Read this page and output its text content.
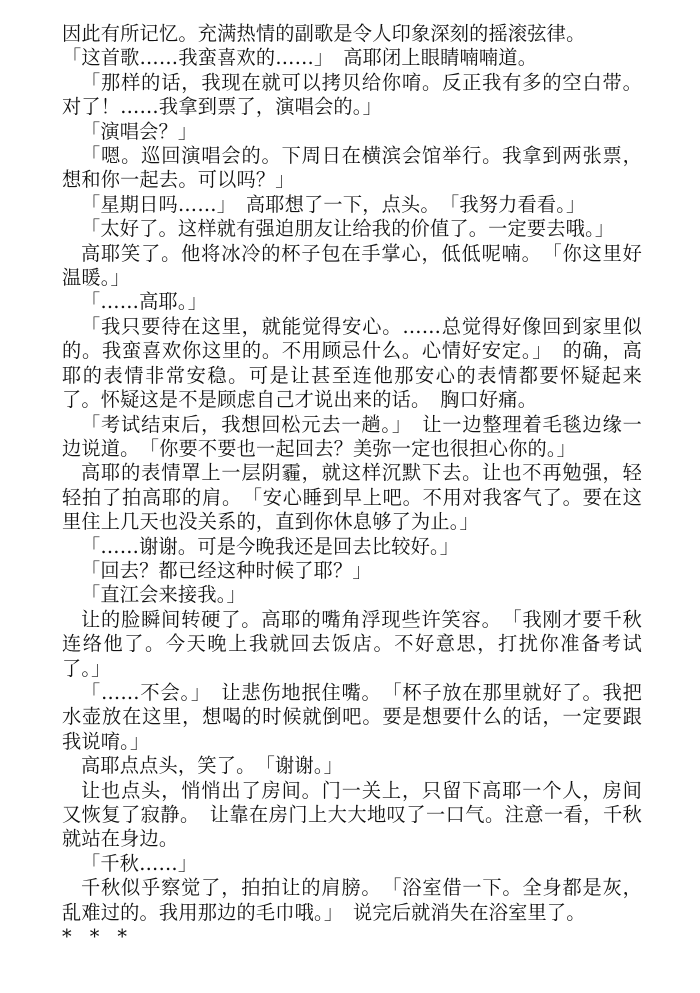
因此有所记忆。充满热情的副歌是令人印象深刻的摇滚弦律。

「这首歌……我蛮喜欢的……」　高耶闭上眼睛喃喃道。

「那样的话，我现在就可以拷贝给你唷。反正我有多的空白带。对了！……我拿到票了，演唱会的。」

「演唱会？」

「嗯。巡回演唱会的。下周日在横滨会馆举行。我拿到两张票，想和你一起去。可以吗？」

「星期日吗……」　高耶想了一下，点头。　「我努力看看。」

「太好了。这样就有强迫朋友让给我的价值了。一定要去哦。」

高耶笑了。他将冰冷的杯子包在手掌心，低低呢喃。　「你这里好温暖。」

「……高耶。」

「我只要待在这里，就能觉得安心。……总觉得好像回到家里似的。我蛮喜欢你这里的。不用顾忌什么。心情好安定。」　的确，高耶的表情非常安稳。可是让甚至连他那安心的表情都要怀疑起来了。怀疑这是不是顾虑自己才说出来的话。　胸口好痛。

「考试结束后，我想回松元去一趟。」　让一边整理着毛毯边缘一边说道。　「你要不要也一起回去？美弥一定也很担心你的。」

高耶的表情罩上一层阴霾，就这样沉默下去。让也不再勉强，轻轻拍了拍高耶的肩。　「安心睡到早上吧。不用对我客气了。要在这里住上几天也没关系的，直到你休息够了为止。」

「……谢谢。可是今晚我还是回去比较好。」

「回去？都已经这种时候了耶？」

「直江会来接我。」

让的脸瞬间转硬了。高耶的嘴角浮现些许笑容。　「我刚才要千秋连络他了。今天晚上我就回去饭店。不好意思，打扰你准备考试了。」

「……不会。」　让悲伤地抿住嘴。　「杯子放在那里就好了。我把水壶放在这里，想喝的时候就倒吧。要是想要什么的话，一定要跟我说唷。」

高耶点点头，笑了。　「谢谢。」

让也点头，悄悄出了房间。门一关上，只留下高耶一个人，房间又恢复了寂静。　让靠在房门上大大地叹了一口气。注意一看，千秋就站在身边。

「千秋……」

千秋似乎察觉了，拍拍让的肩膀。　「浴室借一下。全身都是灰，乱难过的。我用那边的毛巾哦。」　说完后就消失在浴室里了。

* * *
